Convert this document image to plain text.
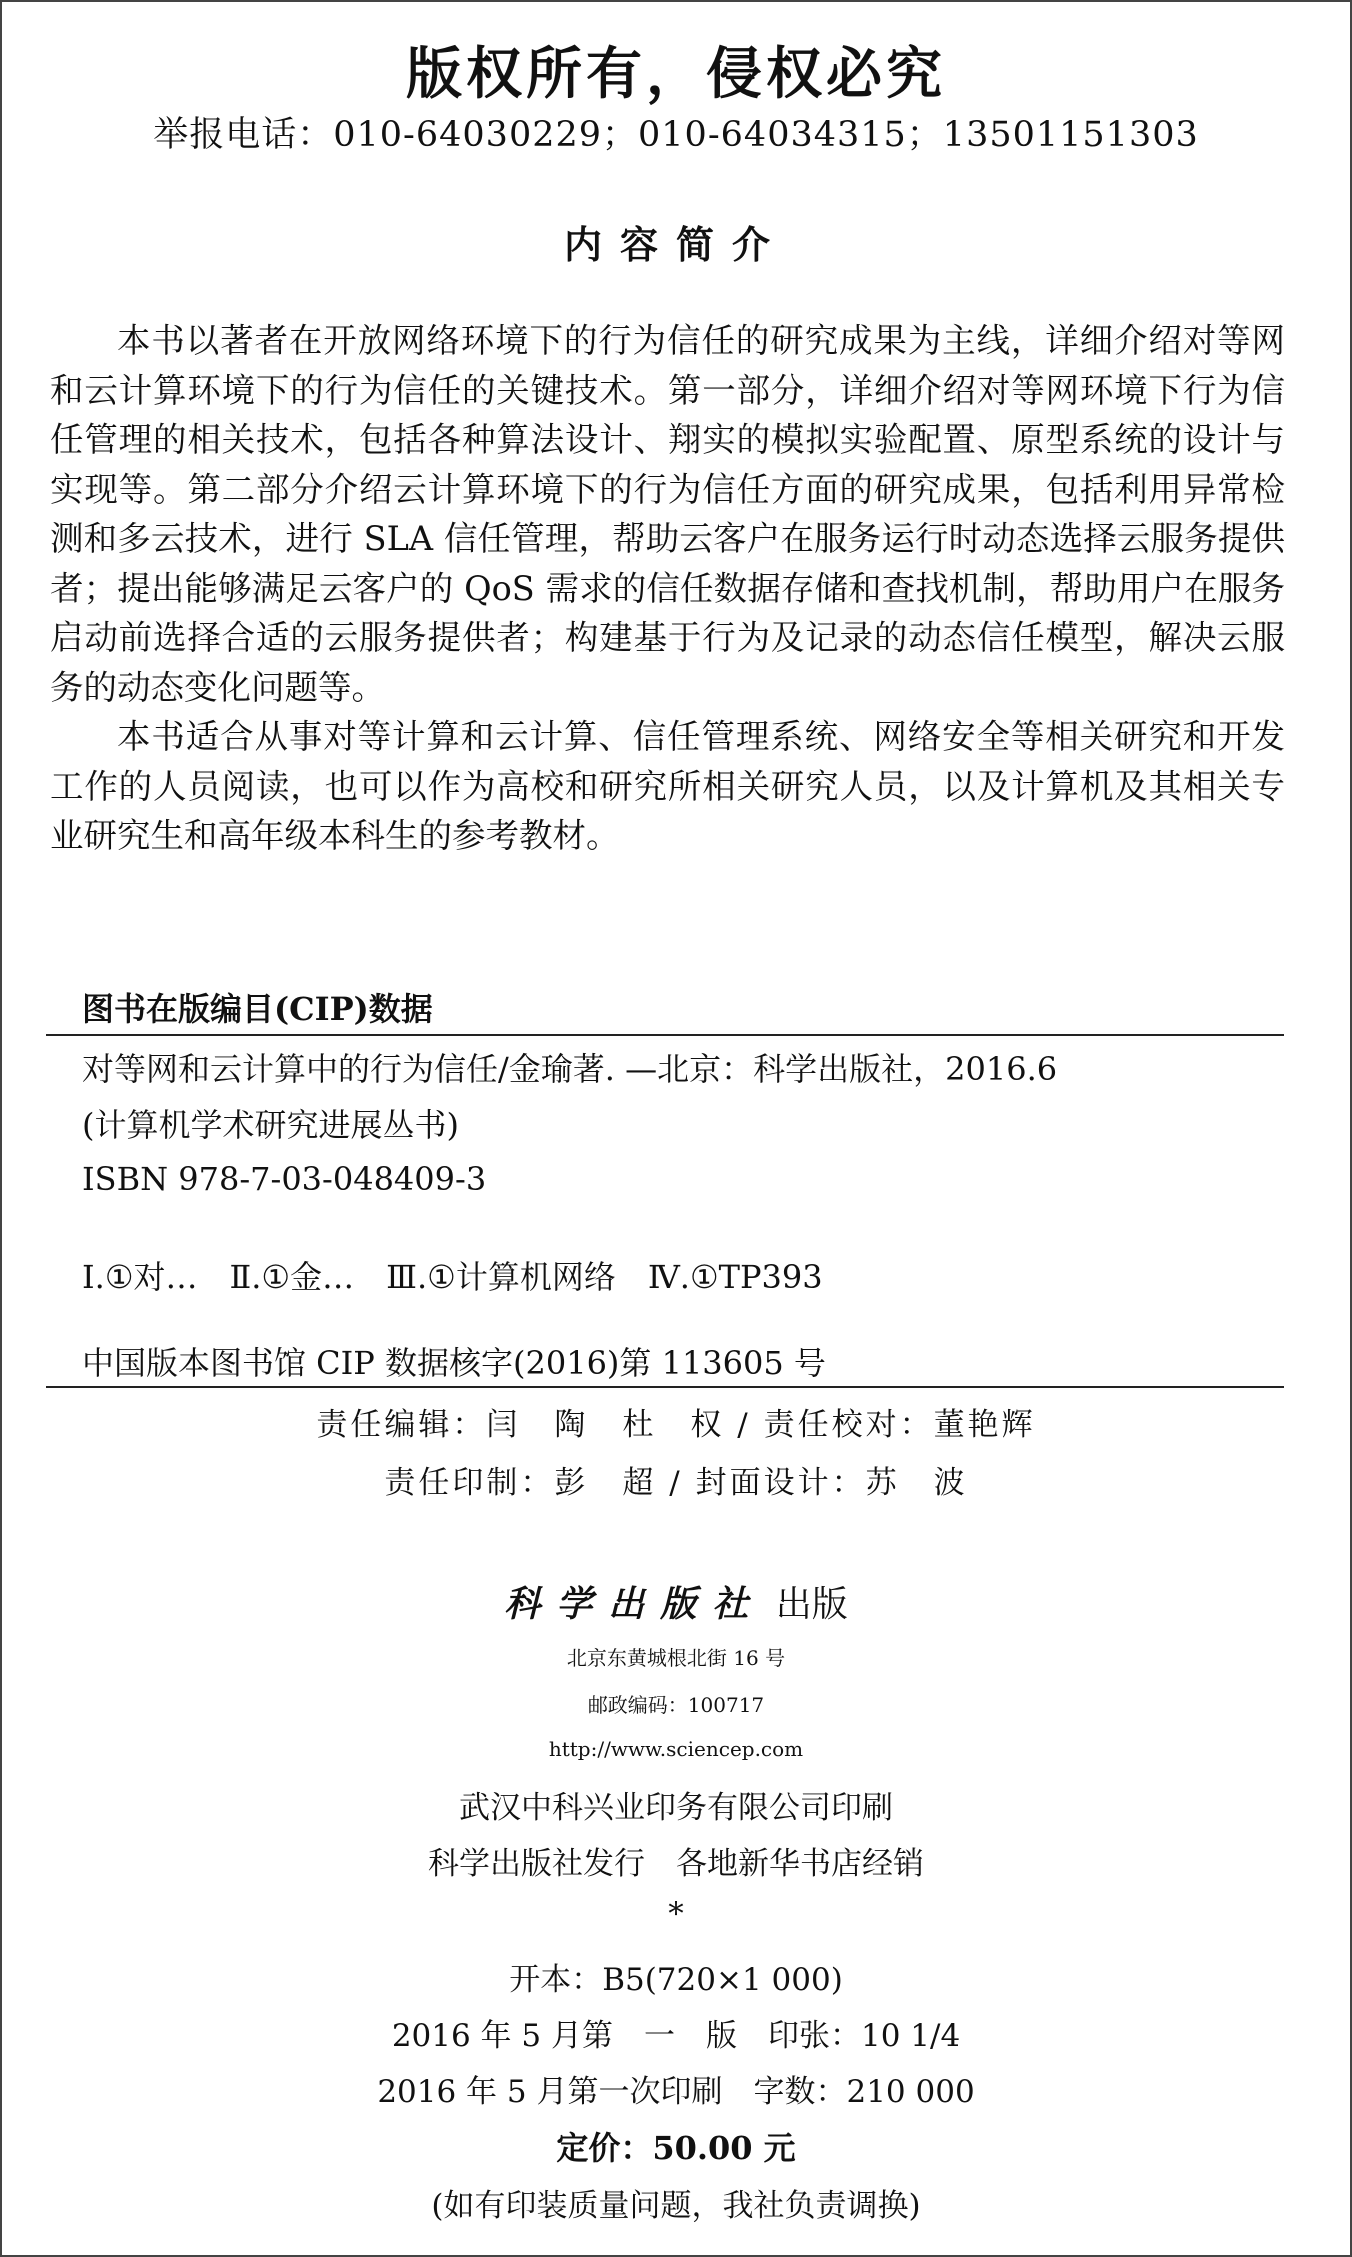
版权所有，侵权必究
举报电话：010-64030229；010-64034315；13501151303
内容简介

本书以著者在开放网络环境下的行为信任的研究成果为主线，详细介绍对等网和云计算环境下的行为信任的关键技术。第一部分，详细介绍对等网环境下行为信任管理的相关技术，包括各种算法设计、翔实的模拟实验配置、原型系统的设计与实现等。第二部分介绍云计算环境下的行为信任方面的研究成果，包括利用异常检测和多云技术，进行 SLA 信任管理，帮助云客户在服务运行时动态选择云服务提供者；提出能够满足云客户的 QoS 需求的信任数据存储和查找机制，帮助用户在服务启动前选择合适的云服务提供者；构建基于行为及记录的动态信任模型，解决云服务的动态变化问题等。

本书适合从事对等计算和云计算、信任管理系统、网络安全等相关研究和开发工作的人员阅读，也可以作为高校和研究所相关研究人员，以及计算机及其相关专业研究生和高年级本科生的参考教材。

图书在版编目(CIP)数据
对等网和云计算中的行为信任/金瑜著. —北京：科学出版社，2016.6
(计算机学术研究进展丛书)
ISBN 978-7-03-048409-3
Ⅰ.①对…　Ⅱ.①金…　Ⅲ.①计算机网络　Ⅳ.①TP393
中国版本图书馆 CIP 数据核字(2016)第 113605 号
责任编辑：闫　陶　杜　权 / 责任校对：董艳辉
责任印制：彭　超 / 封面设计：苏　波
科学出版社 出版
北京东黄城根北街 16 号
邮政编码：100717
http://www.sciencep.com
武汉中科兴业印务有限公司印刷
科学出版社发行　各地新华书店经销
*
开本：B5(720×1 000)
2016 年 5 月第　一　版　印张：10 1/4
2016 年 5 月第一次印刷　字数：210 000
定价：50.00 元
(如有印装质量问题，我社负责调换)
